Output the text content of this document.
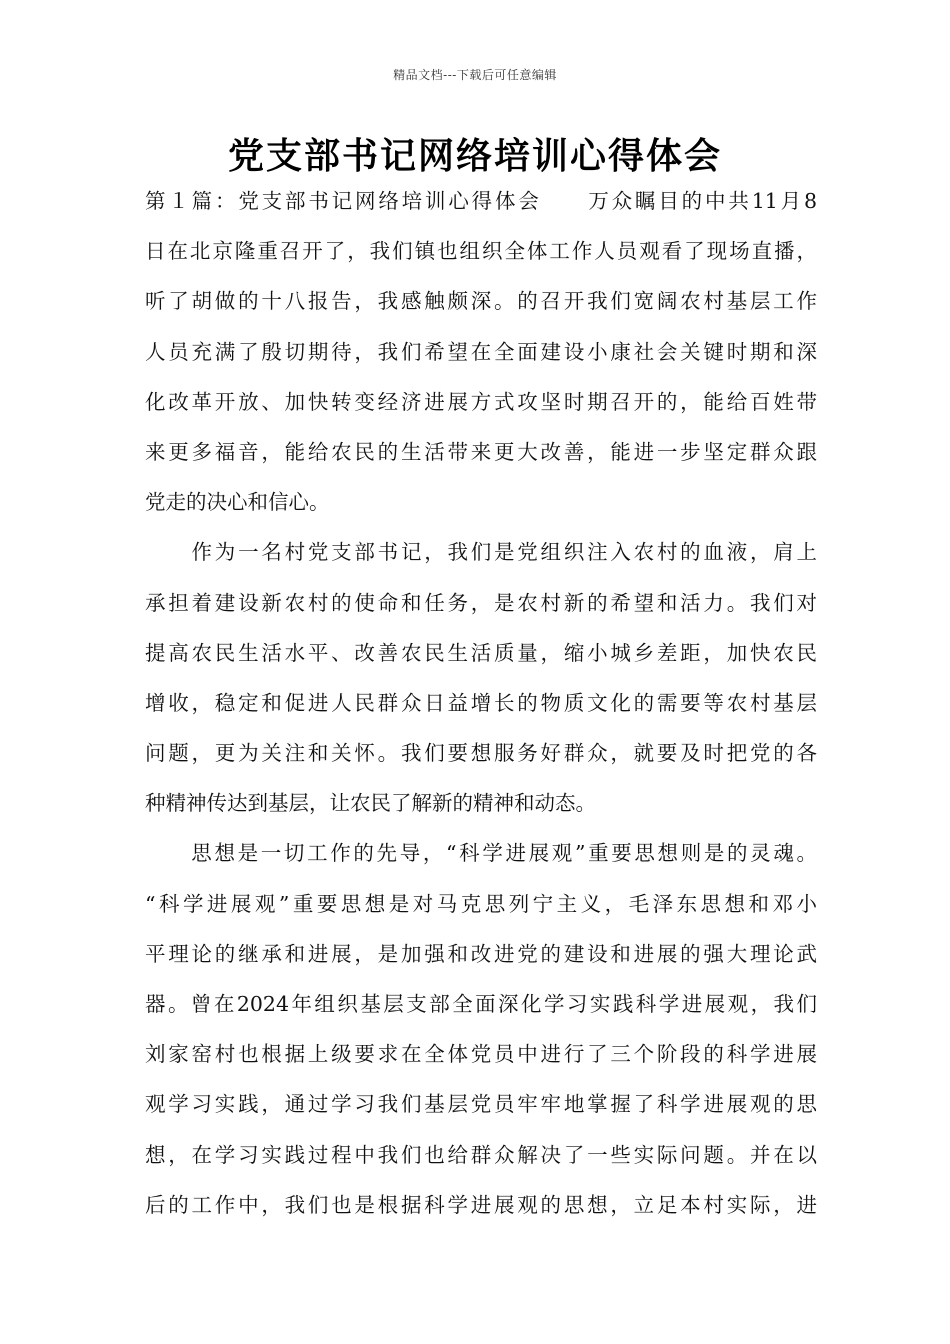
精品文档---下载后可任意编辑
党支部书记网络培训心得体会
第１篇：党支部书记网络培训心得体会　　万众瞩目的中共11月8
日在北京隆重召开了，我们镇也组织全体工作人员观看了现场直播，
听了胡做的十八报告，我感触颇深。的召开我们宽阔农村基层工作
人员充满了殷切期待，我们希望在全面建设小康社会关键时期和深
化改革开放、加快转变经济进展方式攻坚时期召开的，能给百姓带
来更多福音，能给农民的生活带来更大改善，能进一步坚定群众跟
党走的决心和信心。
　　作为一名村党支部书记，我们是党组织注入农村的血液，肩上
承担着建设新农村的使命和任务，是农村新的希望和活力。我们对
提高农民生活水平、改善农民生活质量，缩小城乡差距，加快农民
增收，稳定和促进人民群众日益增长的物质文化的需要等农村基层
问题，更为关注和关怀。我们要想服务好群众，就要及时把党的各
种精神传达到基层，让农民了解新的精神和动态。
　　思想是一切工作的先导，“科学进展观”重要思想则是的灵魂。
“科学进展观”重要思想是对马克思列宁主义，毛泽东思想和邓小
平理论的继承和进展，是加强和改进党的建设和进展的强大理论武
器。曾在2024年组织基层支部全面深化学习实践科学进展观，我们
刘家窑村也根据上级要求在全体党员中进行了三个阶段的科学进展
观学习实践，通过学习我们基层党员牢牢地掌握了科学进展观的思
想，在学习实践过程中我们也给群众解决了一些实际问题。并在以
后的工作中，我们也是根据科学进展观的思想，立足本村实际，进
